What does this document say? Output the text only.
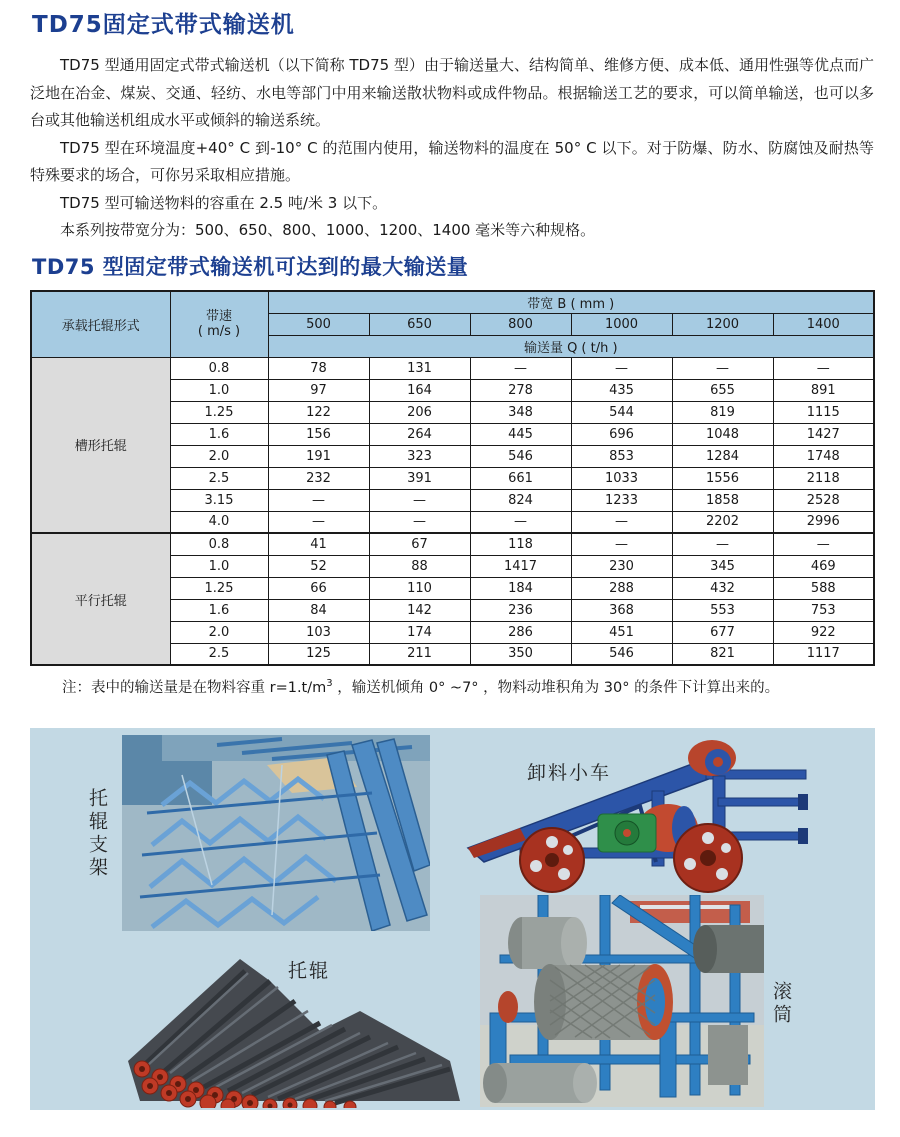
TD75固定式带式输送机

TD75 型通用固定式带式输送机（以下简称 TD75 型）由于输送量大、结构简单、维修方便、成本低、通用性强等优点而广泛地在冶金、煤炭、交通、轻纺、水电等部门中用来输送散状物料或成件物品。根据输送工艺的要求，可以简单输送，也可以多台或其他输送机组成水平或倾斜的输送系统。

TD75 型在环境温度+40° C 到-10° C 的范围内使用，输送物料的温度在 50° C 以下。对于防爆、防水、防腐蚀及耐热等特殊要求的场合，可你另采取相应措施。

TD75 型可输送物料的容重在 2.5 吨/米 3 以下。

本系列按带宽分为：500、650、800、1000、1200、1400 毫米等六种规格。

TD75 型固定带式输送机可达到的最大输送量
承载托辊形式	带速
( m/s )	带宽 B ( mm )					
		500	650	800	1000	1200	1400
		输送量 Q ( t/h )					
槽形托辊	0.8	78	131	—	—	—	—
	1.0	97	164	278	435	655	891
	1.25	122	206	348	544	819	1115
	1.6	156	264	445	696	1048	1427
	2.0	191	323	546	853	1284	1748
	2.5	232	391	661	1033	1556	2118
	3.15	—	—	824	1233	1858	2528
	4.0	—	—	—	—	2202	2996
平行托辊	0.8	41	67	118	—	—	—
	1.0	52	88	1417	230	345	469
	1.25	66	110	184	288	432	588
	1.6	84	142	236	368	553	753
	2.0	103	174	286	451	677	922
	2.5	125	211	350	546	821	1117
注：表中的输送量是在物料容重 $r=1.t/m^3$ ，输送机倾角 0° ~7° ，物料动堆积角为 30° 的条件下计算出来的。
托辊支架
卸料小车
托辊
滚筒
